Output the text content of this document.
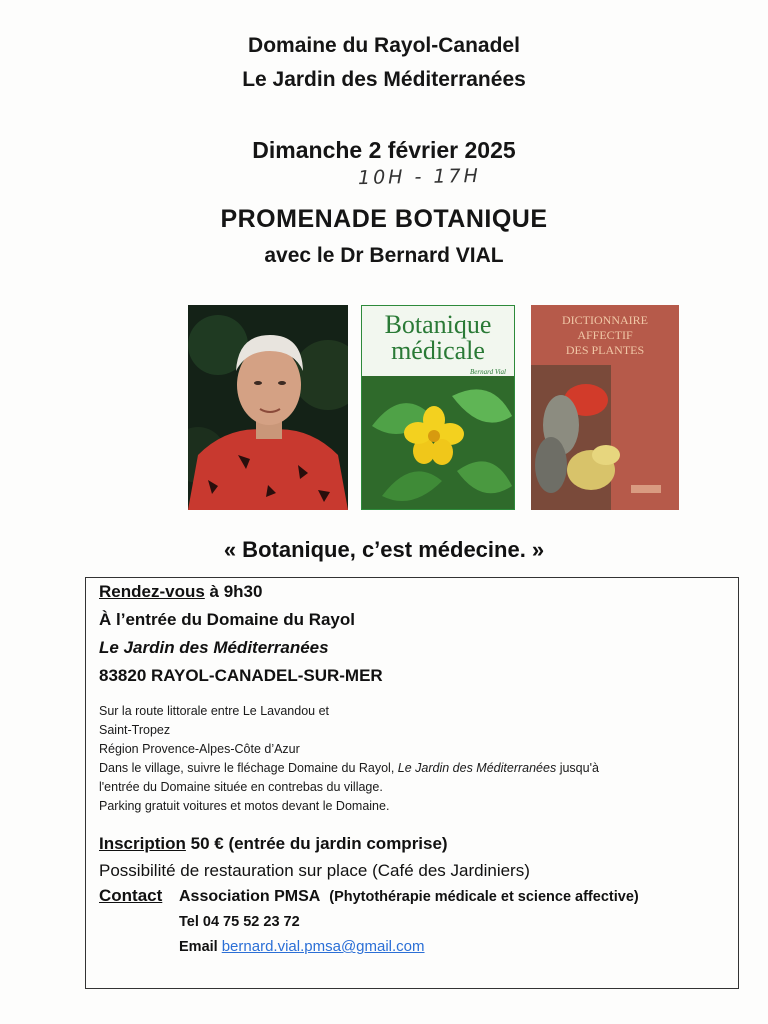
Domaine du Rayol-Canadel
Le Jardin des Méditerranées
Dimanche 2 février 2025
10H - 17H
PROMENADE BOTANIQUE
avec le Dr Bernard VIAL
Botanique
médicale
Bernard Vial
DICTIONNAIRE
AFFECTIF
DES PLANTES
« Botanique, c’est médecine. »
Rendez-vous à 9h30
À l’entrée du Domaine du Rayol
Le Jardin des Méditerranées
83820 RAYOL-CANADEL-SUR-MER
Sur la route littorale entre Le Lavandou et
Saint-Tropez
Région Provence-Alpes-Côte d’Azur
Dans le village, suivre le fléchage Domaine du Rayol, Le Jardin des Méditerranées jusqu'à
l'entrée du Domaine située en contrebas du village.
Parking gratuit voitures et motos devant le Domaine.
Inscription 50 € (entrée du jardin comprise)
Possibilité de restauration sur place (Café des Jardiniers)
Contact Association PMSA (Phytothérapie médicale et science affective)
Tel 04 75 52 23 72
Email bernard.vial.pmsa@gmail.com
